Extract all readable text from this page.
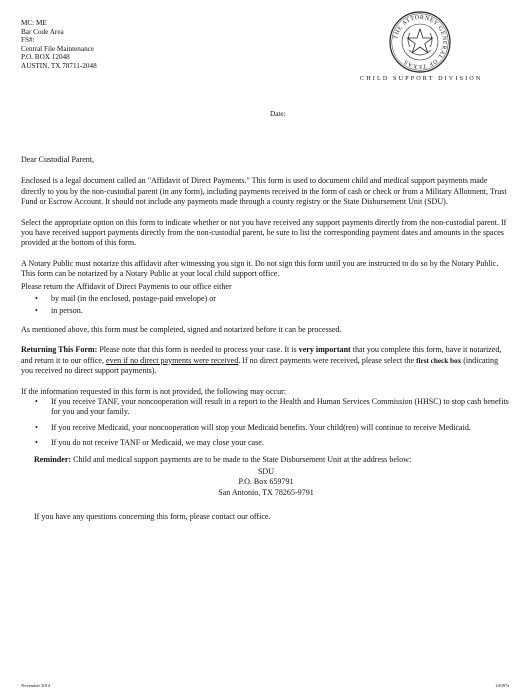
MC: ME
Bar Code Area
FS#:
Central File Maintenance
P.O. BOX 12048
AUSTIN, TX 78711-2048
THE ATTORNEY GENERAL OF TEXAS
CHILD SUPPORT DIVISION
Date:

Dear Custodial Parent,

Enclosed is a legal document called an "Affidavit of Direct Payments." This form is used to document child and medical support payments made directly to you by the non-custodial parent (in any form), including payments received in the form of cash or check or from a Military Allotment, Trust Fund or Escrow Account. It should not include any payments made through a county registry or the State Disbursement Unit (SDU).

Select the appropriate option on this form to indicate whether or not you have received any support payments directly from the non-custodial parent. If you have received support payments directly from the non-custodial parent, be sure to list the corresponding payment dates and amounts in the spaces provided at the bottom of this form.

A Notary Public must notarize this affidavit after witnessing you sign it. Do not sign this form until you are instructed to do so by the Notary Public. This form can be notarized by a Notary Public at your local child support office.

Please return the Affidavit of Direct Payments to our office either

• by mail (in the enclosed, postage-paid envelope) or
• in person.

As mentioned above, this form must be completed, signed and notarized before it can be processed.

Returning This Form: Please note that this form is needed to process your case. It is very important that you complete this form, have it notarized, and return it to our office, even if no direct payments were received. If no direct payments were received, please select the first check box (indicating you received no direct support payments).

If the information requested in this form is not provided, the following may occur:

• If you receive TANF, your noncooperation will result in a report to the Health and Human Services Commission (HHSC) to stop cash benefits for you and your family.
• If you receive Medicaid, your noncooperation will stop your Medicaid benefits. Your child(ren) will continue to receive Medicaid.
• If you do not receive TANF or Medicaid, we may close your case.

Reminder: Child and medical support payments are to be made to the State Disbursement Unit at the address below:

SDU
P.O. Box 659791
San Antonio, TX 78265-9791

If you have any questions concerning this form, please contact our office.

November 2014	1A097a
